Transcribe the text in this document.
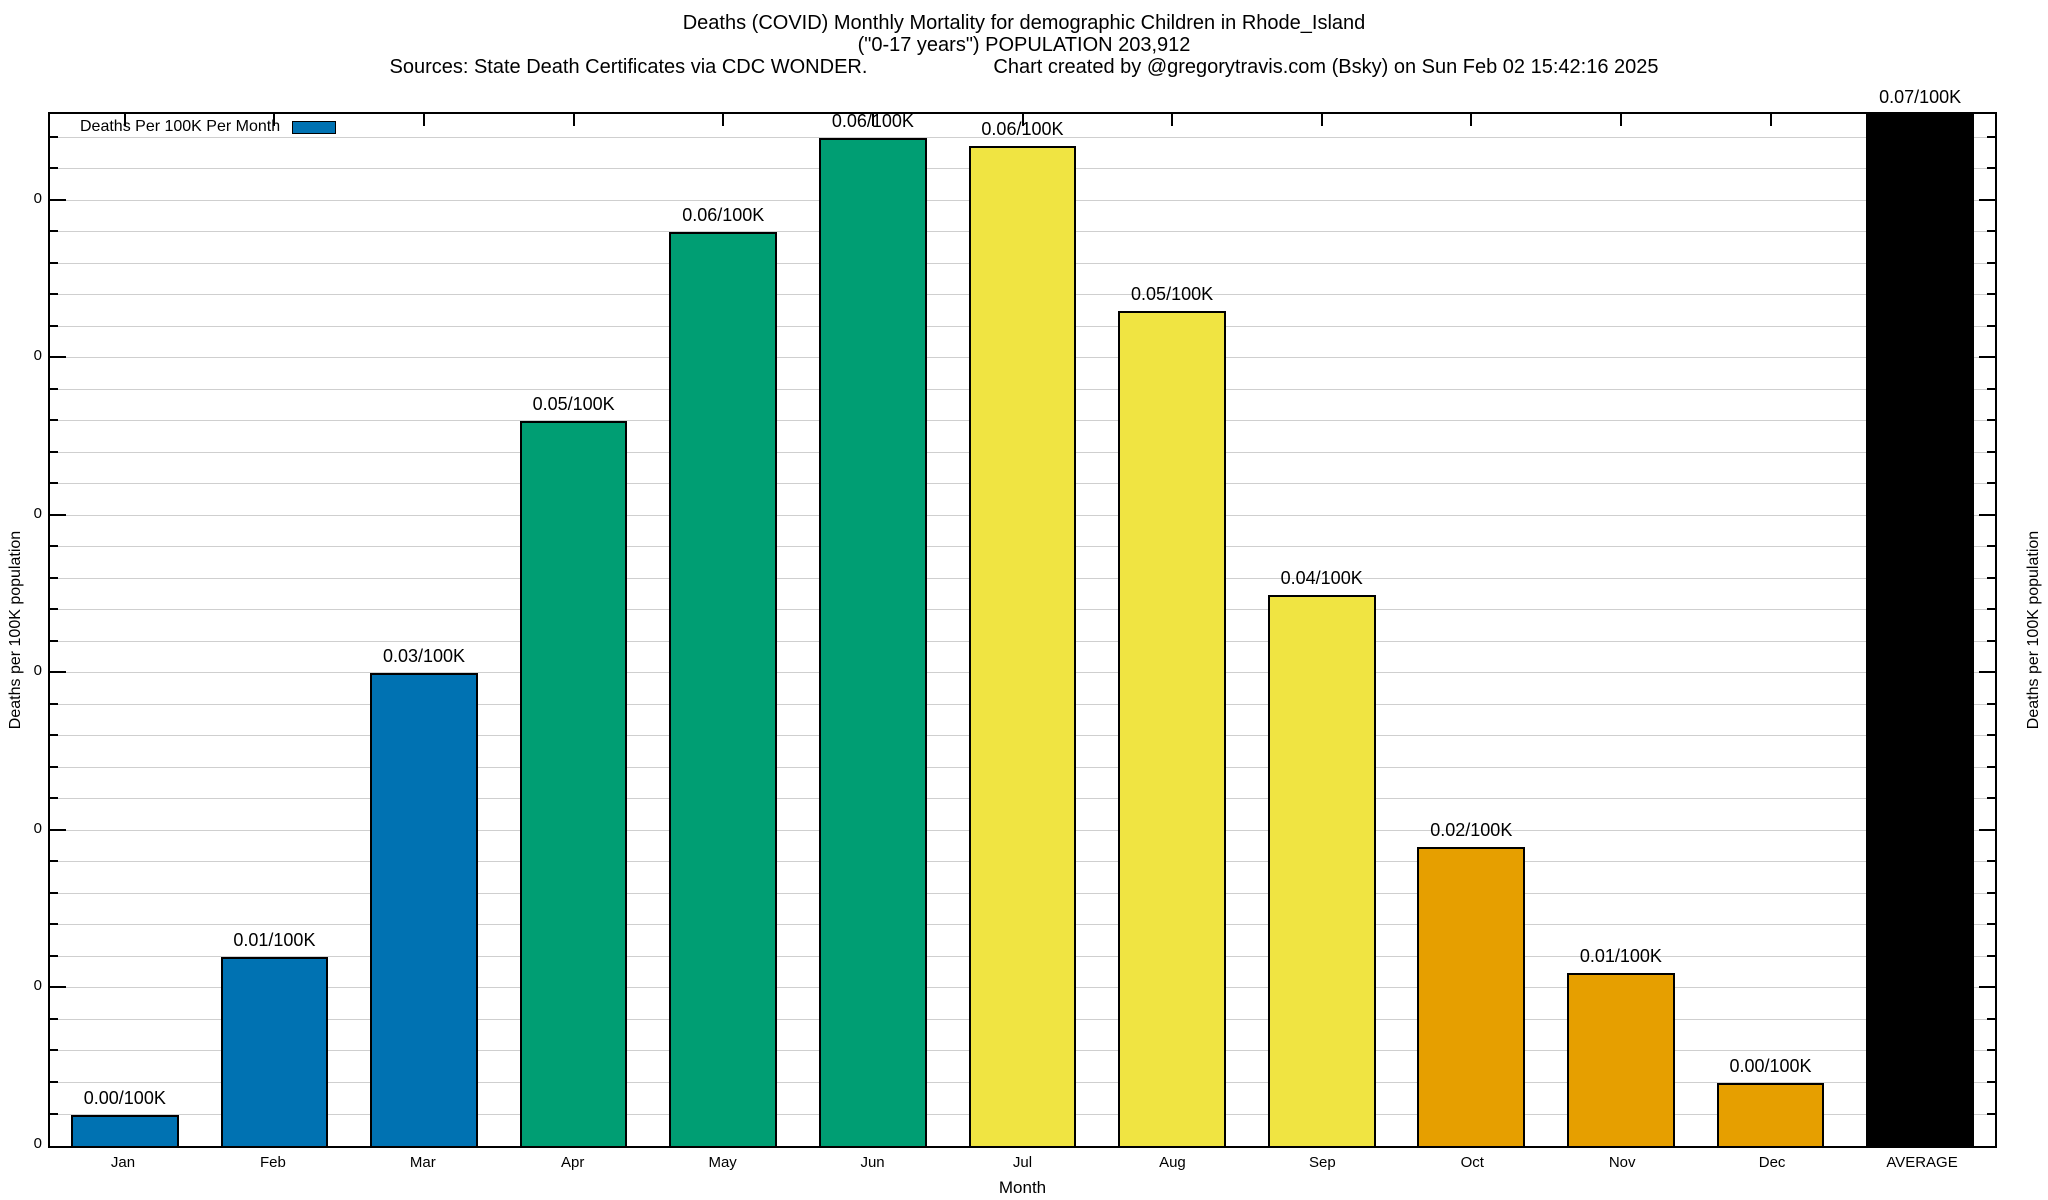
Deaths (COVID) Monthly Mortality for demographic Children in Rhode_Island
("0-17 years") POPULATION 203,912
Sources: State Death Certificates via CDC WONDER.	Chart created by @gregorytravis.com (Bsky) on Sun Feb 02 15:42:16 2025
Deaths per 100K population	Deaths per 100K population
Deaths Per 100K Per Month
0.00/100K
0.01/100K
0.03/100K
0.05/100K
0.06/100K
0.06/100K	0.06/100K
0.05/100K
0.04/100K
0.02/100K
0.01/100K
0.00/100K
0.07/100K
0
0
0
0
0
0
0
Jan	Feb	Mar	Apr	May	Jun	Jul	Aug	Sep	Oct	Nov	Dec	AVERAGE
Month
